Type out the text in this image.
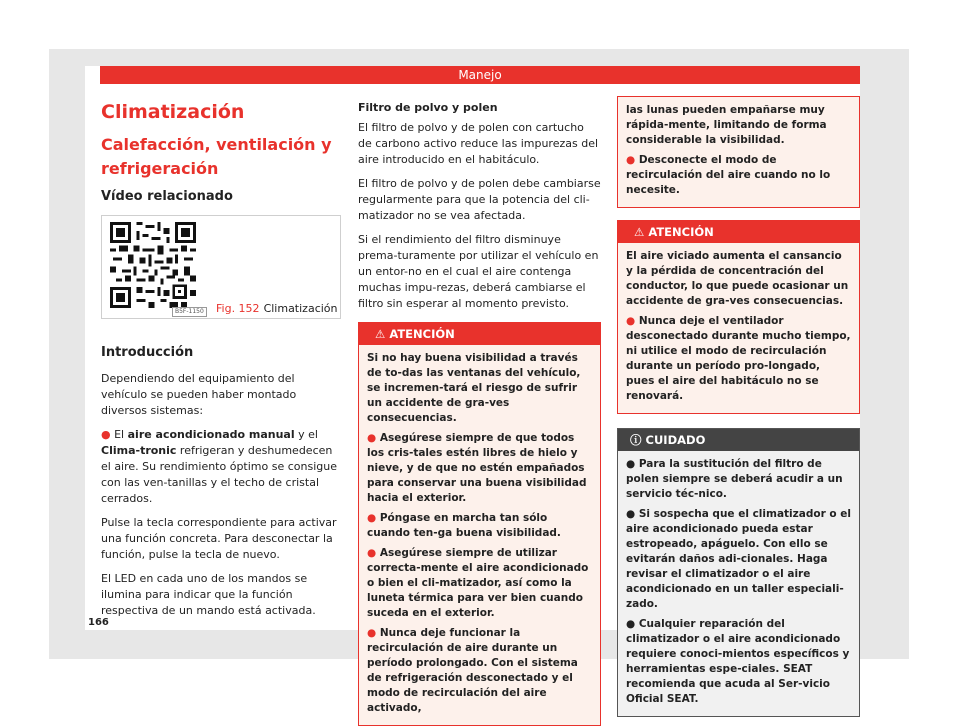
Manejo
Climatización
Calefacción, ventilación y refrigeración
Vídeo relacionado
B5F-1150 Fig. 152 Climatización
Introducción

Dependiendo del equipamiento del vehículo se pueden haber montado diversos sistemas:

● El aire acondicionado manual y el Clima-tronic refrigeran y deshumedecen el aire. Su rendimiento óptimo se consigue con las ven-tanillas y el techo de cristal cerrados.

Pulse la tecla correspondiente para activar una función concreta. Para desconectar la función, pulse la tecla de nuevo.

El LED en cada uno de los mandos se ilumina para indicar que la función respectiva de un mando está activada.

Filtro de polvo y polen

El filtro de polvo y de polen con cartucho de carbono activo reduce las impurezas del aire introducido en el habitáculo.

El filtro de polvo y de polen debe cambiarse regularmente para que la potencia del cli-matizador no se vea afectada.

Si el rendimiento del filtro disminuye prema-turamente por utilizar el vehículo en un entor-no en el cual el aire contenga muchas impu-rezas, deberá cambiarse el filtro sin esperar al momento previsto.

⚠ ATENCIÓN

Si no hay buena visibilidad a través de to-das las ventanas del vehículo, se incremen-tará el riesgo de sufrir un accidente de gra-ves consecuencias.

● Asegúrese siempre de que todos los cris-tales estén libres de hielo y nieve, y de que no estén empañados para conservar una buena visibilidad hacia el exterior.

● Póngase en marcha tan sólo cuando ten-ga buena visibilidad.

● Asegúrese siempre de utilizar correcta-mente el aire acondicionado o bien el cli-matizador, así como la luneta térmica para ver bien cuando suceda en el exterior.

● Nunca deje funcionar la recirculación de aire durante un período prolongado. Con el sistema de refrigeración desconectado y el modo de recirculación del aire activado,

las lunas pueden empañarse muy rápida-mente, limitando de forma considerable la visibilidad.

● Desconecte el modo de recirculación del aire cuando no lo necesite.

⚠ ATENCIÓN

El aire viciado aumenta el cansancio y la pérdida de concentración del conductor, lo que puede ocasionar un accidente de gra-ves consecuencias.

● Nunca deje el ventilador desconectado durante mucho tiempo, ni utilice el modo de recirculación durante un período pro-longado, pues el aire del habitáculo no se renovará.

ⓘ CUIDADO

● Para la sustitución del filtro de polen siempre se deberá acudir a un servicio téc-nico.

● Si sospecha que el climatizador o el aire acondicionado pueda estar estropeado, apáguelo. Con ello se evitarán daños adi-cionales. Haga revisar el climatizador o el aire acondicionado en un taller especiali-zado.

● Cualquier reparación del climatizador o el aire acondicionado requiere conoci-mientos específicos y herramientas espe-ciales. SEAT recomienda que acuda al Ser-vicio Oficial SEAT.

166
